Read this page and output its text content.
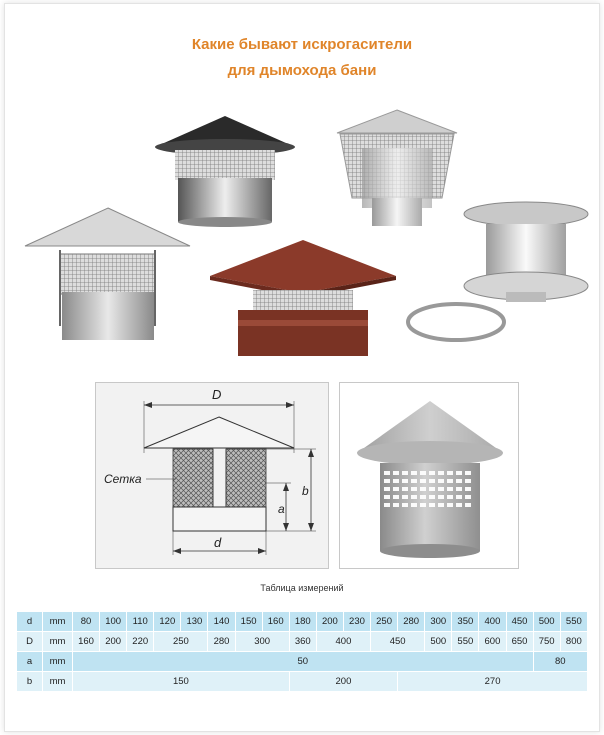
Какие бывают искрогасители
для дымохода бани
D
d
a
b
Сетка
Таблица измерений
d	mm	80	100	110	120	130	140	150	160	180	200	230	250	280	300	350	400	450	500	550
D	mm	160	200	220	250		280	300		360	400		450		500	550	600	650	750	800
a	mm	50																	80	
b	mm	150								200				270						
